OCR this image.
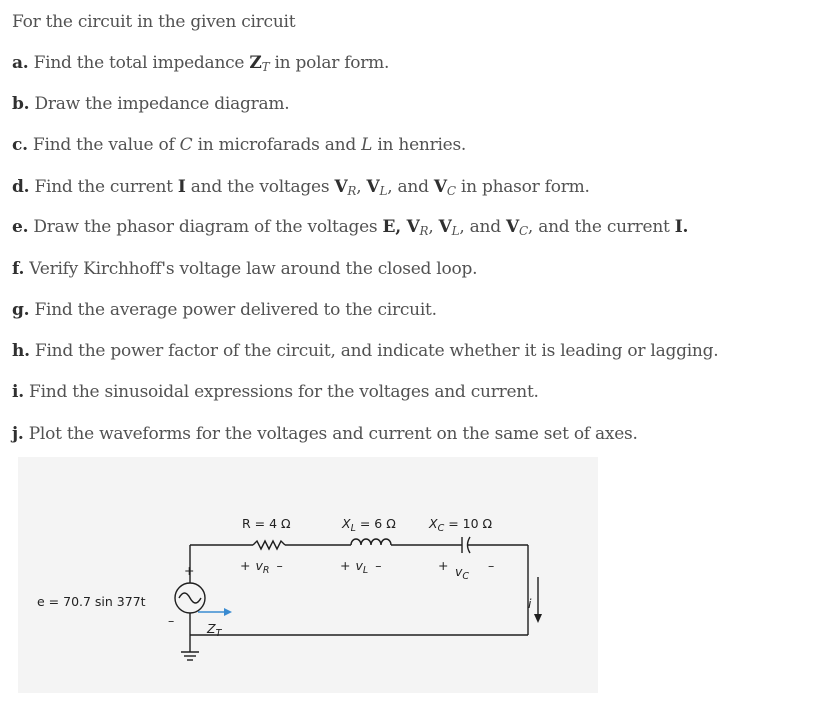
For the circuit in the given circuit
a. Find the total impedance $Z_T$ in polar form.
b. Draw the impedance diagram.
c. Find the value of C in microfarads and L in henries.
d. Find the current I and the voltages $V_R$, $V_L$, and $V_C$ in phasor form.
e. Draw the phasor diagram of the voltages E, $V_R$, $V_L$, and $V_C$, and the current I.
f. Verify Kirchhoff's voltage law around the closed loop.
g. Find the average power delivered to the circuit.
h. Find the power factor of the circuit, and indicate whether it is leading or lagging.
i. Find the sinusoidal expressions for the voltages and current.
j. Plot the waveforms for the voltages and current on the same set of axes.
e = 70.7 sin 377t
+
–
R = 4 Ω	$X_L = 6$ Ω	$X_C = 10$ Ω
+ $v_R$ –	+ $v_L$ –	+ $v_C$
–
i
$Z_T$
